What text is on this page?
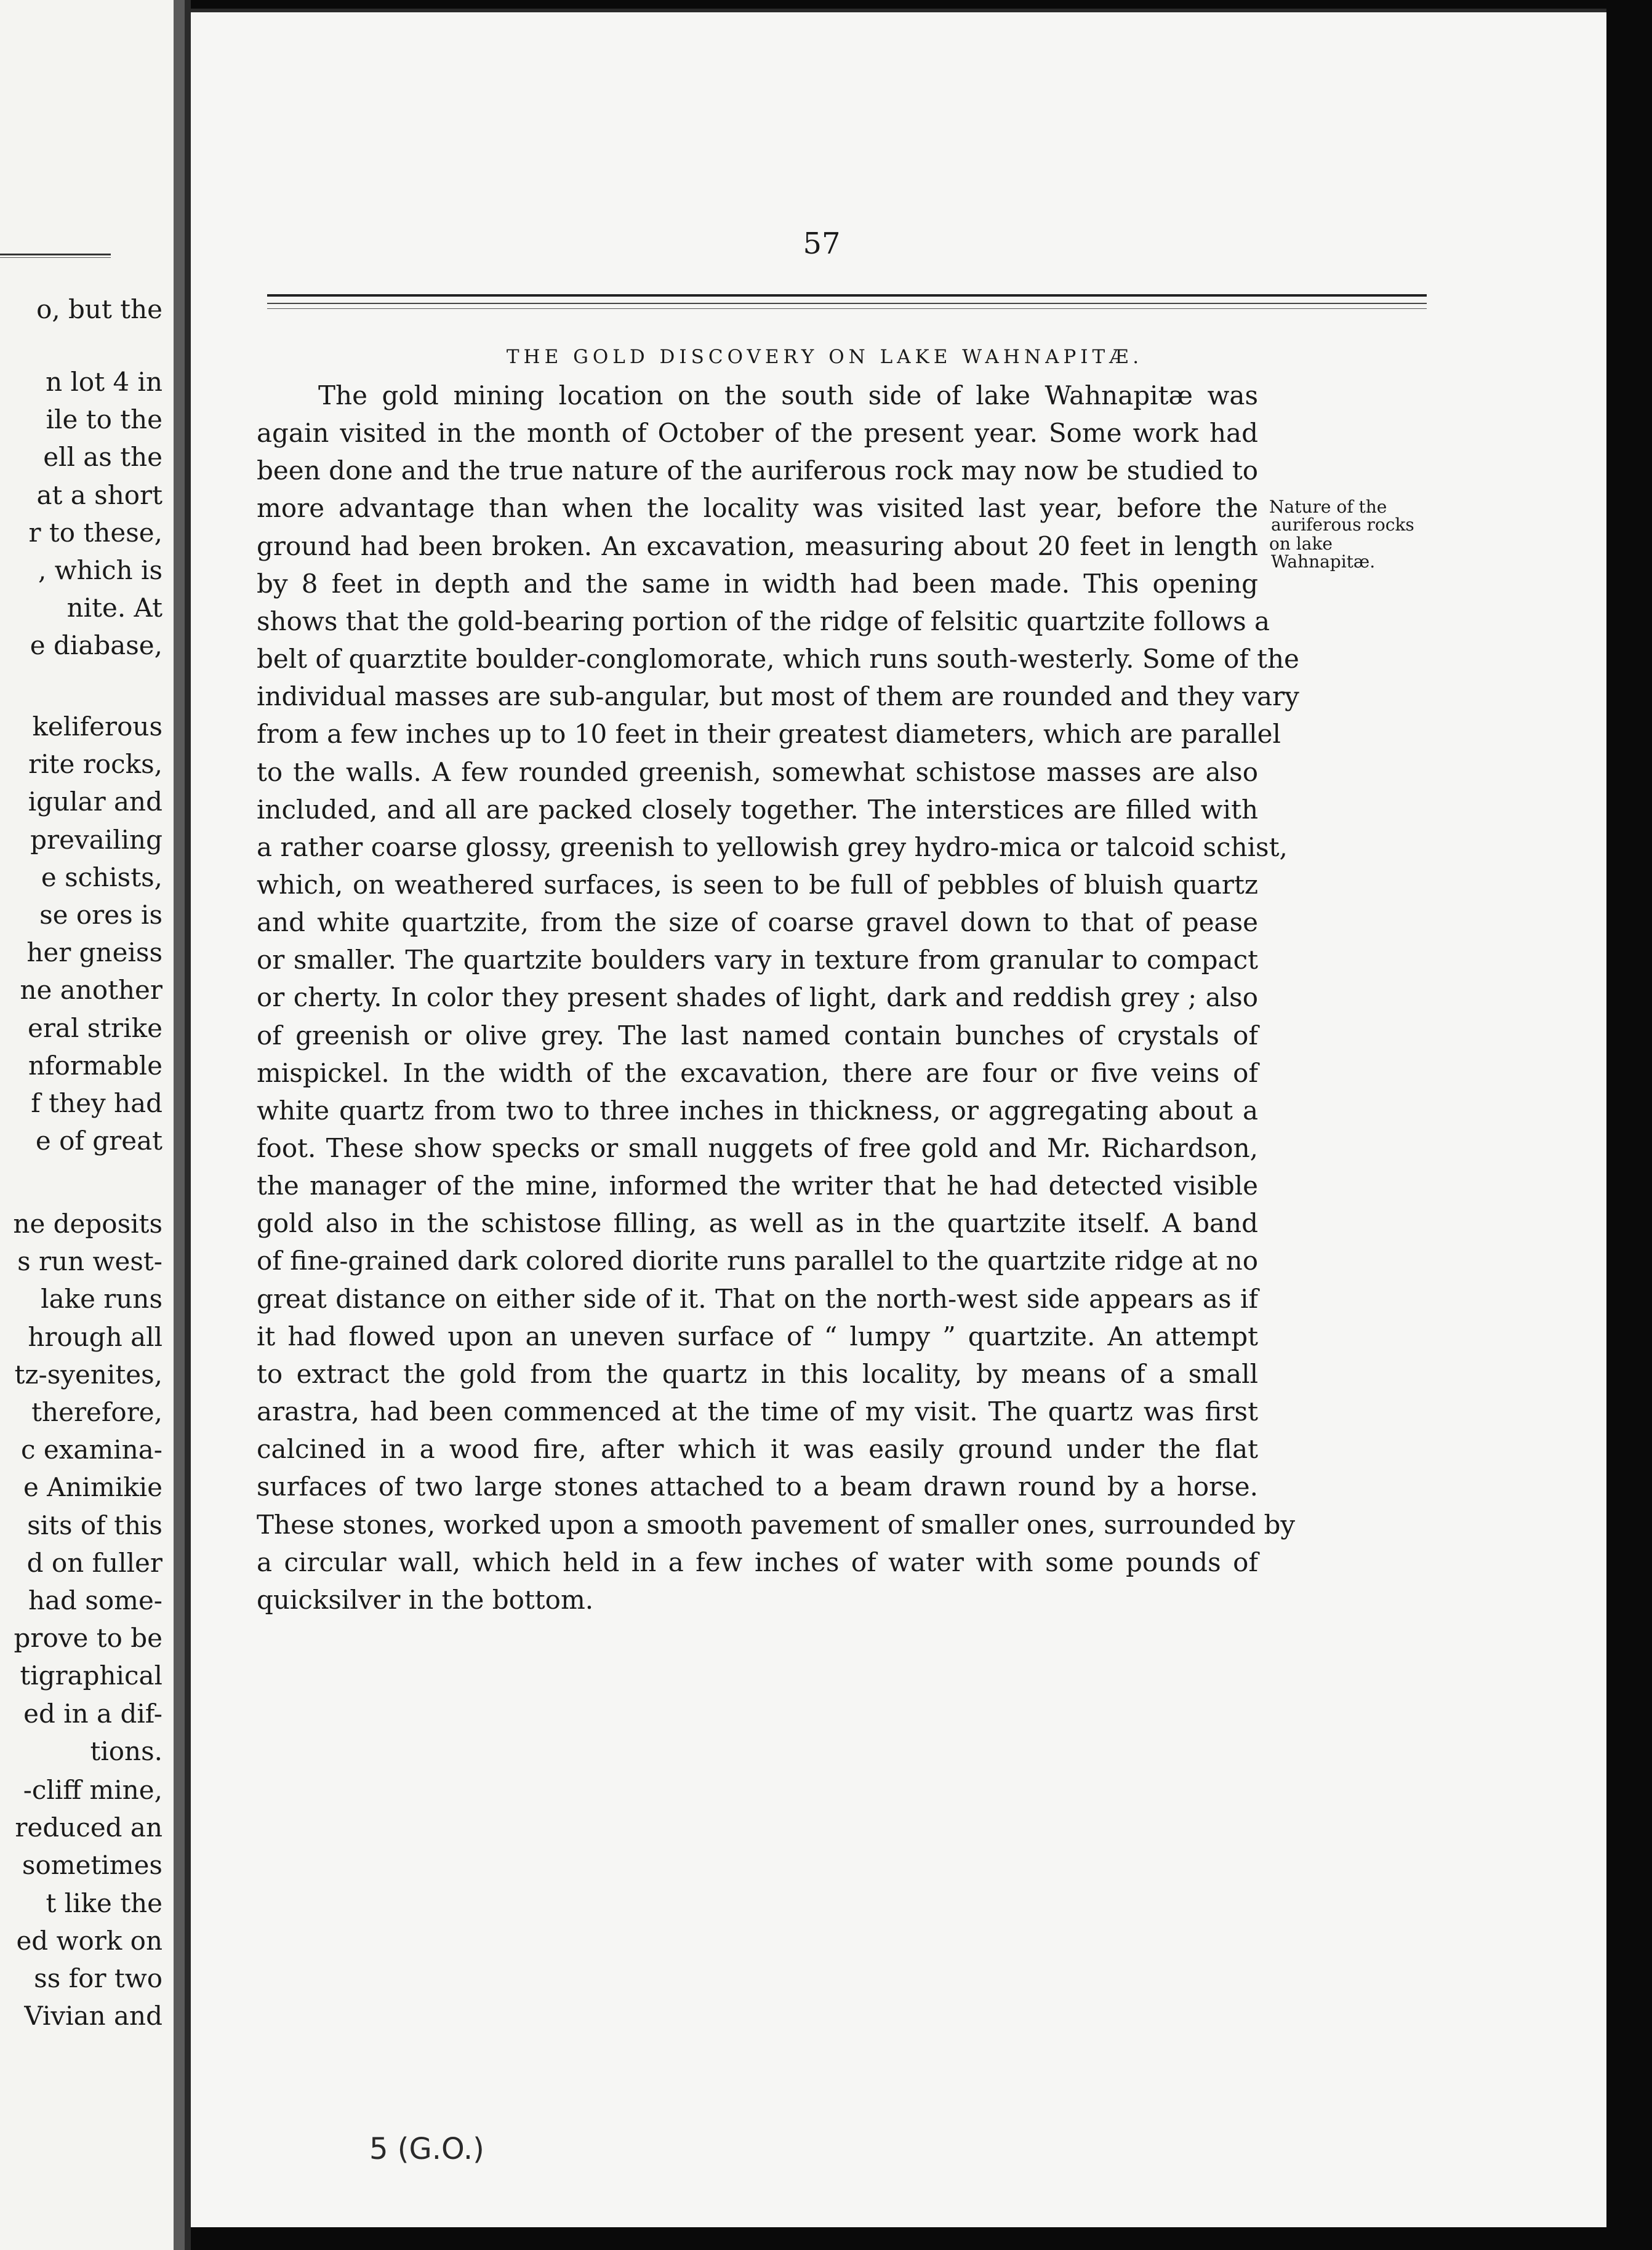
o, but the
n lot 4 in
ile to the
ell as the
at a short
r to these,
, which is
nite. At
e diabase,
keliferous
rite rocks,
igular and
prevailing
e schists,
se ores is
her gneiss
ne another
eral strike
nformable
f they had
e of great
ne deposits
s run west-
lake runs
hrough all
tz-syenites,
therefore,
c examina-
e Animikie
sits of this
d on fuller
had some-
prove to be
tigraphical
ed in a dif-
tions.
-cliff mine,
reduced an
sometimes
t like the
ed work on
ss for two
Vivian and
57
THE GOLD DISCOVERY ON LAKE WAHNAPITÆ.
The gold mining location on the south side of lake Wahnapitæ was
again visited in the month of October of the present year. Some work had
been done and the true nature of the auriferous rock may now be studied to
more advantage than when the locality was visited last year, before the
ground had been broken. An excavation, measuring about 20 feet in length
by 8 feet in depth and the same in width had been made. This opening
shows that the gold-bearing portion of the ridge of felsitic quartzite follows a
belt of quarztite boulder-conglomorate, which runs south-westerly. Some of the
individual masses are sub-angular, but most of them are rounded and they vary
from a few inches up to 10 feet in their greatest diameters, which are parallel
to the walls. A few rounded greenish, somewhat schistose masses are also
included, and all are packed closely together. The interstices are filled with
a rather coarse glossy, greenish to yellowish grey hydro-mica or talcoid schist,
which, on weathered surfaces, is seen to be full of pebbles of bluish quartz
and white quartzite, from the size of coarse gravel down to that of pease
or smaller. The quartzite boulders vary in texture from granular to compact
or cherty. In color they present shades of light, dark and reddish grey ; also
of greenish or olive grey. The last named contain bunches of crystals of
mispickel. In the width of the excavation, there are four or five veins of
white quartz from two to three inches in thickness, or aggregating about a
foot. These show specks or small nuggets of free gold and Mr. Richardson,
the manager of the mine, informed the writer that he had detected visible
gold also in the schistose filling, as well as in the quartzite itself. A band
of fine-grained dark colored diorite runs parallel to the quartzite ridge at no
great distance on either side of it. That on the north-west side appears as if
it had flowed upon an uneven surface of “ lumpy ” quartzite. An attempt
to extract the gold from the quartz in this locality, by means of a small
arastra, had been commenced at the time of my visit. The quartz was first
calcined in a wood fire, after which it was easily ground under the flat
surfaces of two large stones attached to a beam drawn round by a horse.
These stones, worked upon a smooth pavement of smaller ones, surrounded by
a circular wall, which held in a few inches of water with some pounds of
quicksilver in the bottom.
Nature of the
auriferous rocks
on lake
Wahnapitæ.
5 (G.O.)
